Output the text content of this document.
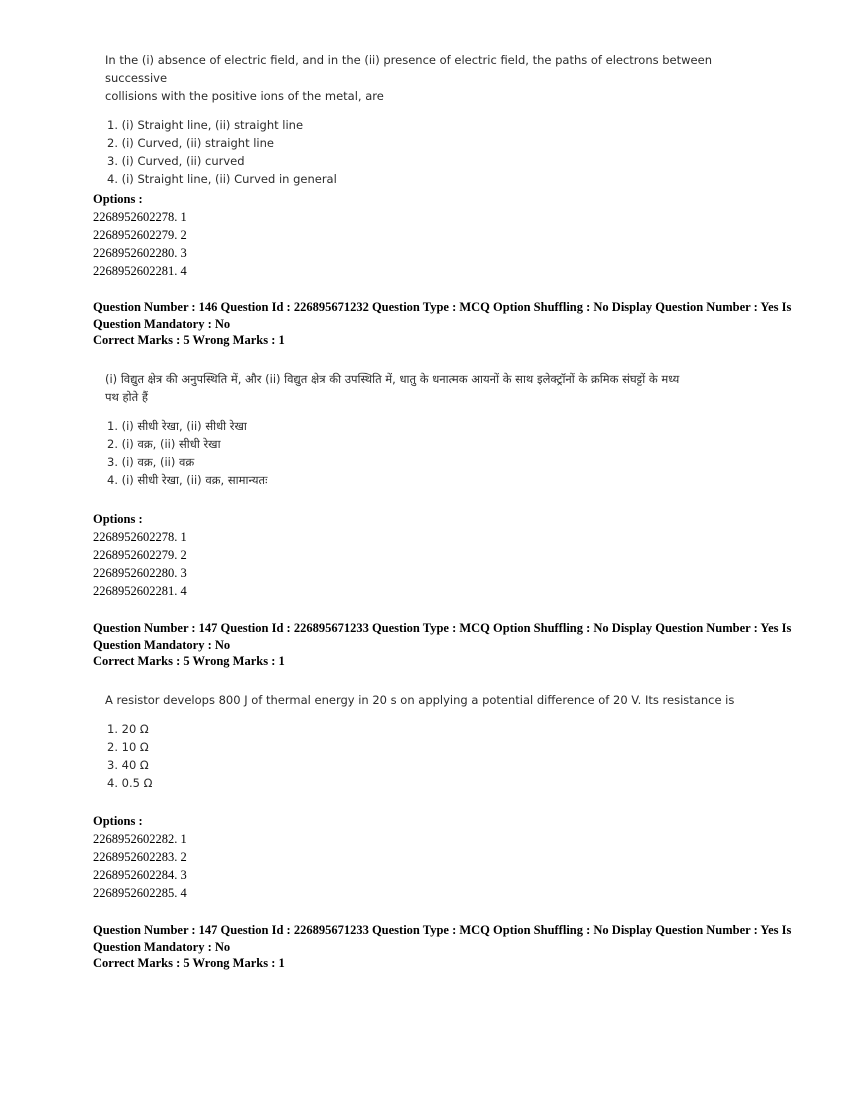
In the (i) absence of electric field, and in the (ii) presence of electric field, the paths of electrons between successive

collisions with the positive ions of the metal, are

1. (i) Straight line, (ii) straight line
2. (i) Curved, (ii) straight line
3. (i) Curved, (ii) curved
4. (i) Straight line, (ii) Curved in general
Options :
2268952602278. 1
2268952602279. 2
2268952602280. 3
2268952602281. 4
Question Number : 146 Question Id : 226895671232 Question Type : MCQ Option Shuffling : No Display Question Number : Yes Is
Question Mandatory : No
Correct Marks : 5 Wrong Marks : 1

(i) विद्युत क्षेत्र की अनुपस्थिति में, और (ii) विद्युत क्षेत्र की उपस्थिति में, धातु के धनात्मक आयनों के साथ इलेक्ट्रॉनों के क्रमिक संघट्टों के मध्य

पथ होते हैं

1. (i) सीधी रेखा, (ii) सीधी रेखा
2. (i) वक्र, (ii) सीधी रेखा
3. (i) वक्र, (ii) वक्र
4. (i) सीधी रेखा, (ii) वक्र, सामान्यतः
Options :
2268952602278. 1
2268952602279. 2
2268952602280. 3
2268952602281. 4
Question Number : 147 Question Id : 226895671233 Question Type : MCQ Option Shuffling : No Display Question Number : Yes Is
Question Mandatory : No
Correct Marks : 5 Wrong Marks : 1

A resistor develops 800 J of thermal energy in 20 s on applying a potential difference of 20 V. Its resistance is

1. 20 Ω
2. 10 Ω
3. 40 Ω
4. 0.5 Ω
Options :
2268952602282. 1
2268952602283. 2
2268952602284. 3
2268952602285. 4
Question Number : 147 Question Id : 226895671233 Question Type : MCQ Option Shuffling : No Display Question Number : Yes Is
Question Mandatory : No
Correct Marks : 5 Wrong Marks : 1
